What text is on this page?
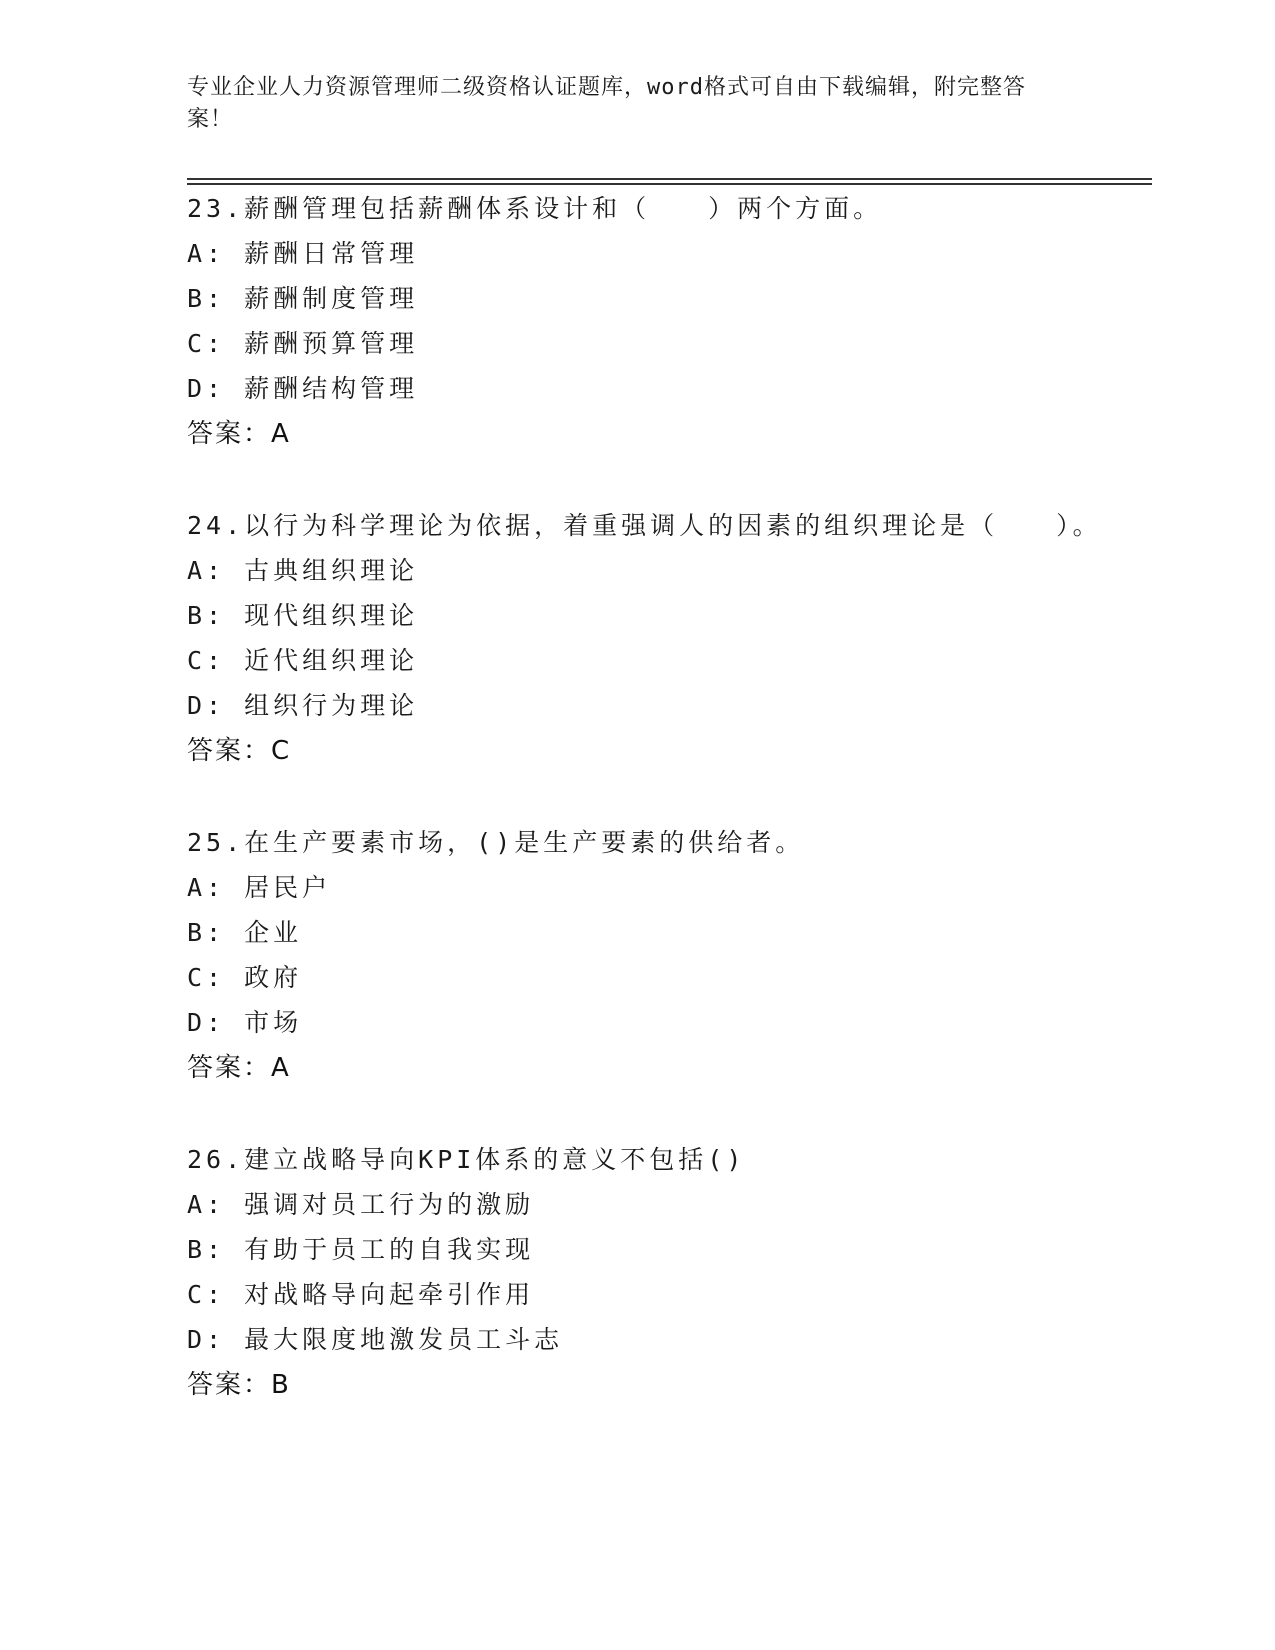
专业企业人力资源管理师二级资格认证题库，word格式可自由下载编辑，附完整答案！
23.薪酬管理包括薪酬体系设计和（　　）两个方面。
A: 薪酬日常管理
B: 薪酬制度管理
C: 薪酬预算管理
D: 薪酬结构管理
答案：A
24.以行为科学理论为依据，着重强调人的因素的组织理论是（　　）。
A: 古典组织理论
B: 现代组织理论
C: 近代组织理论
D: 组织行为理论
答案：C
25.在生产要素市场，()是生产要素的供给者。
A: 居民户
B: 企业
C: 政府
D: 市场
答案：A
26.建立战略导向KPI体系的意义不包括()
A: 强调对员工行为的激励
B: 有助于员工的自我实现
C: 对战略导向起牵引作用
D: 最大限度地激发员工斗志
答案：B
